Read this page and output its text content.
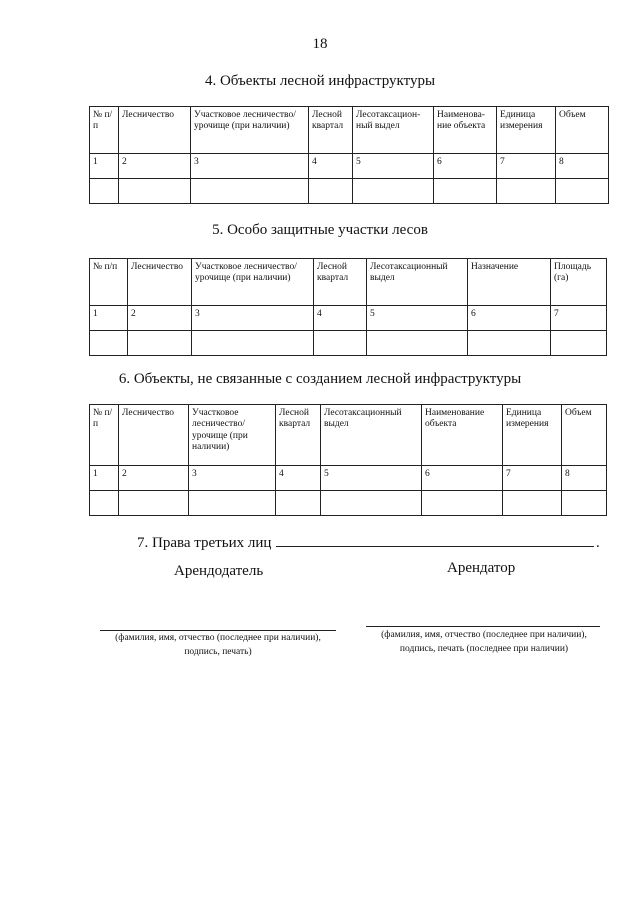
18
4. Объекты лесной инфраструктуры
№ п/п	Лесничество	Участковое лесничество/урочище (при наличии)	Лесной квартал	Лесотаксацион-ный выдел	Наименова-ние объекта	Единица измерения	Объем
1	2	3	4	5	6	7	8

5. Особо защитные участки лесов
№ п/п	Лесничество	Участковое лесничество/урочище (при наличии)	Лесной квартал	Лесотаксационный выдел	Назначение	Площадь (га)
1	2	3	4	5	6	7

6. Объекты, не связанные с созданием лесной инфраструктуры
№ п/п	Лесничество	Участковое лесничество/ урочище (при наличии)	Лесной квартал	Лесотаксационный выдел	Наименование объекта	Единица измерения	Объем
1	2	3	4	5	6	7	8

7. Права третьих лиц	.
Арендодатель	Арендатор
(фамилия, имя, отчество (последнее при наличии),
подпись, печать)
(фамилия, имя, отчество (последнее при наличии),
подпись, печать (последнее при наличии)
